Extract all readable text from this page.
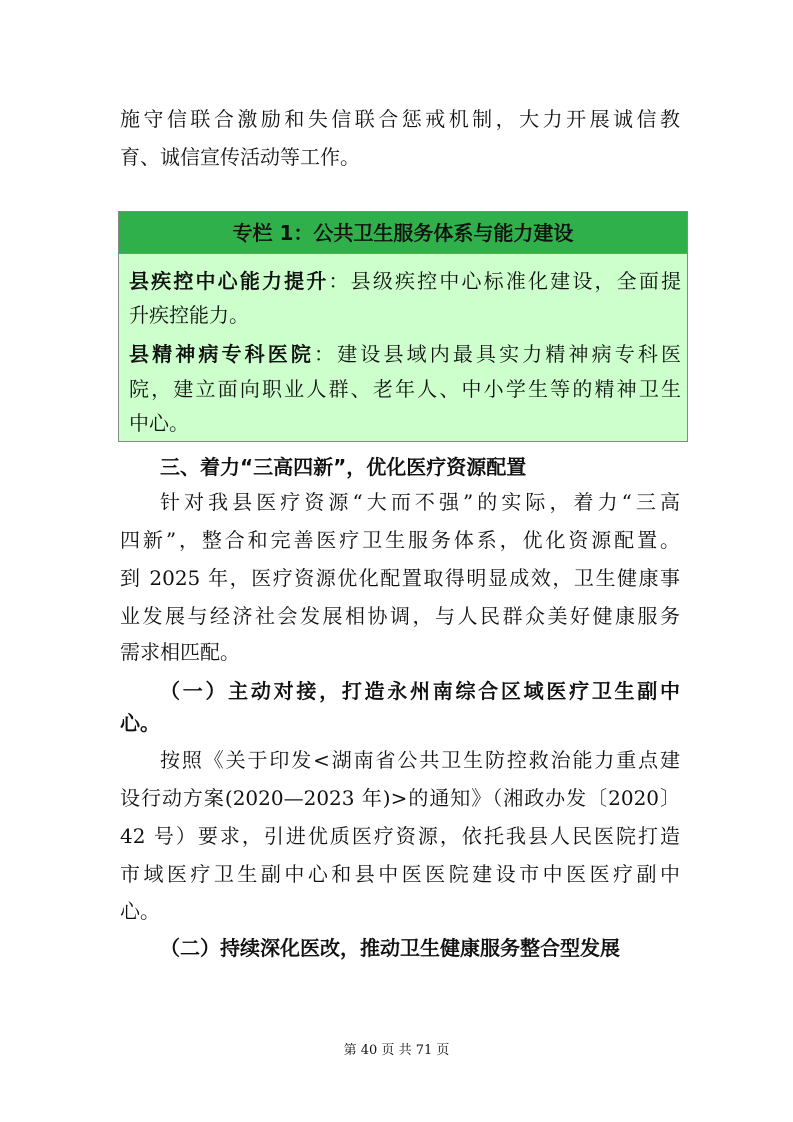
施守信联合激励和失信联合惩戒机制，大力开展诚信教
育、诚信宣传活动等工作。
专栏 1：公共卫生服务体系与能力建设
县疾控中心能力提升：县级疾控中心标准化建设，全面提
升疾控能力。
县精神病专科医院：建设县域内最具实力精神病专科医
院，建立面向职业人群、老年人、中小学生等的精神卫生
中心。
三、着力“三高四新”，优化医疗资源配置
针对我县医疗资源“大而不强”的实际，着力“三高
四新”，整合和完善医疗卫生服务体系，优化资源配置。
到 2025 年，医疗资源优化配置取得明显成效，卫生健康事
业发展与经济社会发展相协调，与人民群众美好健康服务
需求相匹配。
（一）主动对接，打造永州南综合区域医疗卫生副中
心。
按照《关于印发<湖南省公共卫生防控救治能力重点建
设行动方案(2020—2023 年)>的通知》（湘政办发〔2020〕
42 号）要求，引进优质医疗资源，依托我县人民医院打造
市域医疗卫生副中心和县中医医院建设市中医医疗副中
心。
（二）持续深化医改，推动卫生健康服务整合型发展
第 40 页 共 71 页
